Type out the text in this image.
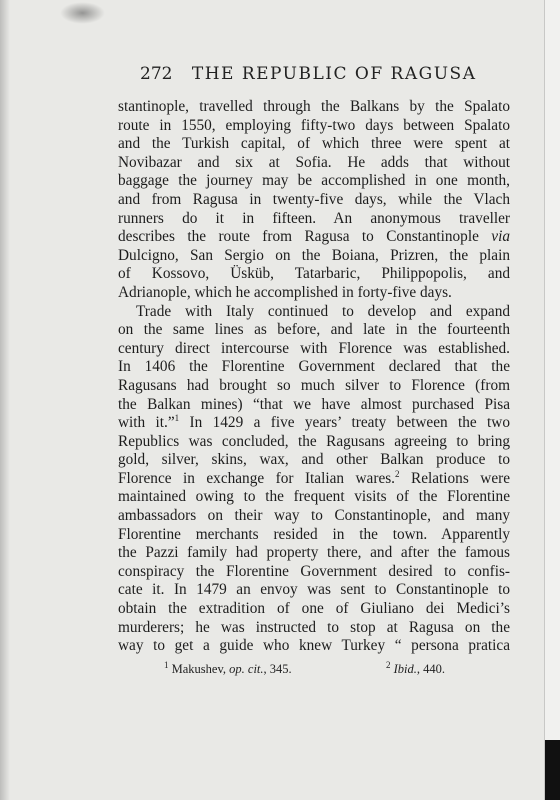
272 THE REPUBLIC OF RAGUSA
stantinople, travelled through the Balkans by the Spalato
route in 1550, employing fifty-two days between Spalato
and the Turkish capital, of which three were spent at
Novibazar and six at Sofia. He adds that without
baggage the journey may be accomplished in one month,
and from Ragusa in twenty-five days, while the Vlach
runners do it in fifteen. An anonymous traveller
describes the route from Ragusa to Constantinople via
Dulcigno, San Sergio on the Boiana, Prizren, the plain
of Kossovo, Üsküb, Tatarbaric, Philippopolis, and
Adrianople, which he accomplished in forty-five days.
Trade with Italy continued to develop and expand
on the same lines as before, and late in the fourteenth
century direct intercourse with Florence was established.
In 1406 the Florentine Government declared that the
Ragusans had brought so much silver to Florence (from
the Balkan mines) “that we have almost purchased Pisa
with it.”$^1$ In 1429 a five years’ treaty between the two
Republics was concluded, the Ragusans agreeing to bring
gold, silver, skins, wax, and other Balkan produce to
Florence in exchange for Italian wares.$^2$ Relations were
maintained owing to the frequent visits of the Florentine
ambassadors on their way to Constantinople, and many
Florentine merchants resided in the town. Apparently
the Pazzi family had property there, and after the famous
conspiracy the Florentine Government desired to confis-
cate it. In 1479 an envoy was sent to Constantinople to
obtain the extradition of one of Giuliano dei Medici’s
murderers; he was instructed to stop at Ragusa on the
way to get a guide who knew Turkey “ persona pratica
$^1$ Makushev, op. cit., 345.	$^2$ Ibid., 440.
